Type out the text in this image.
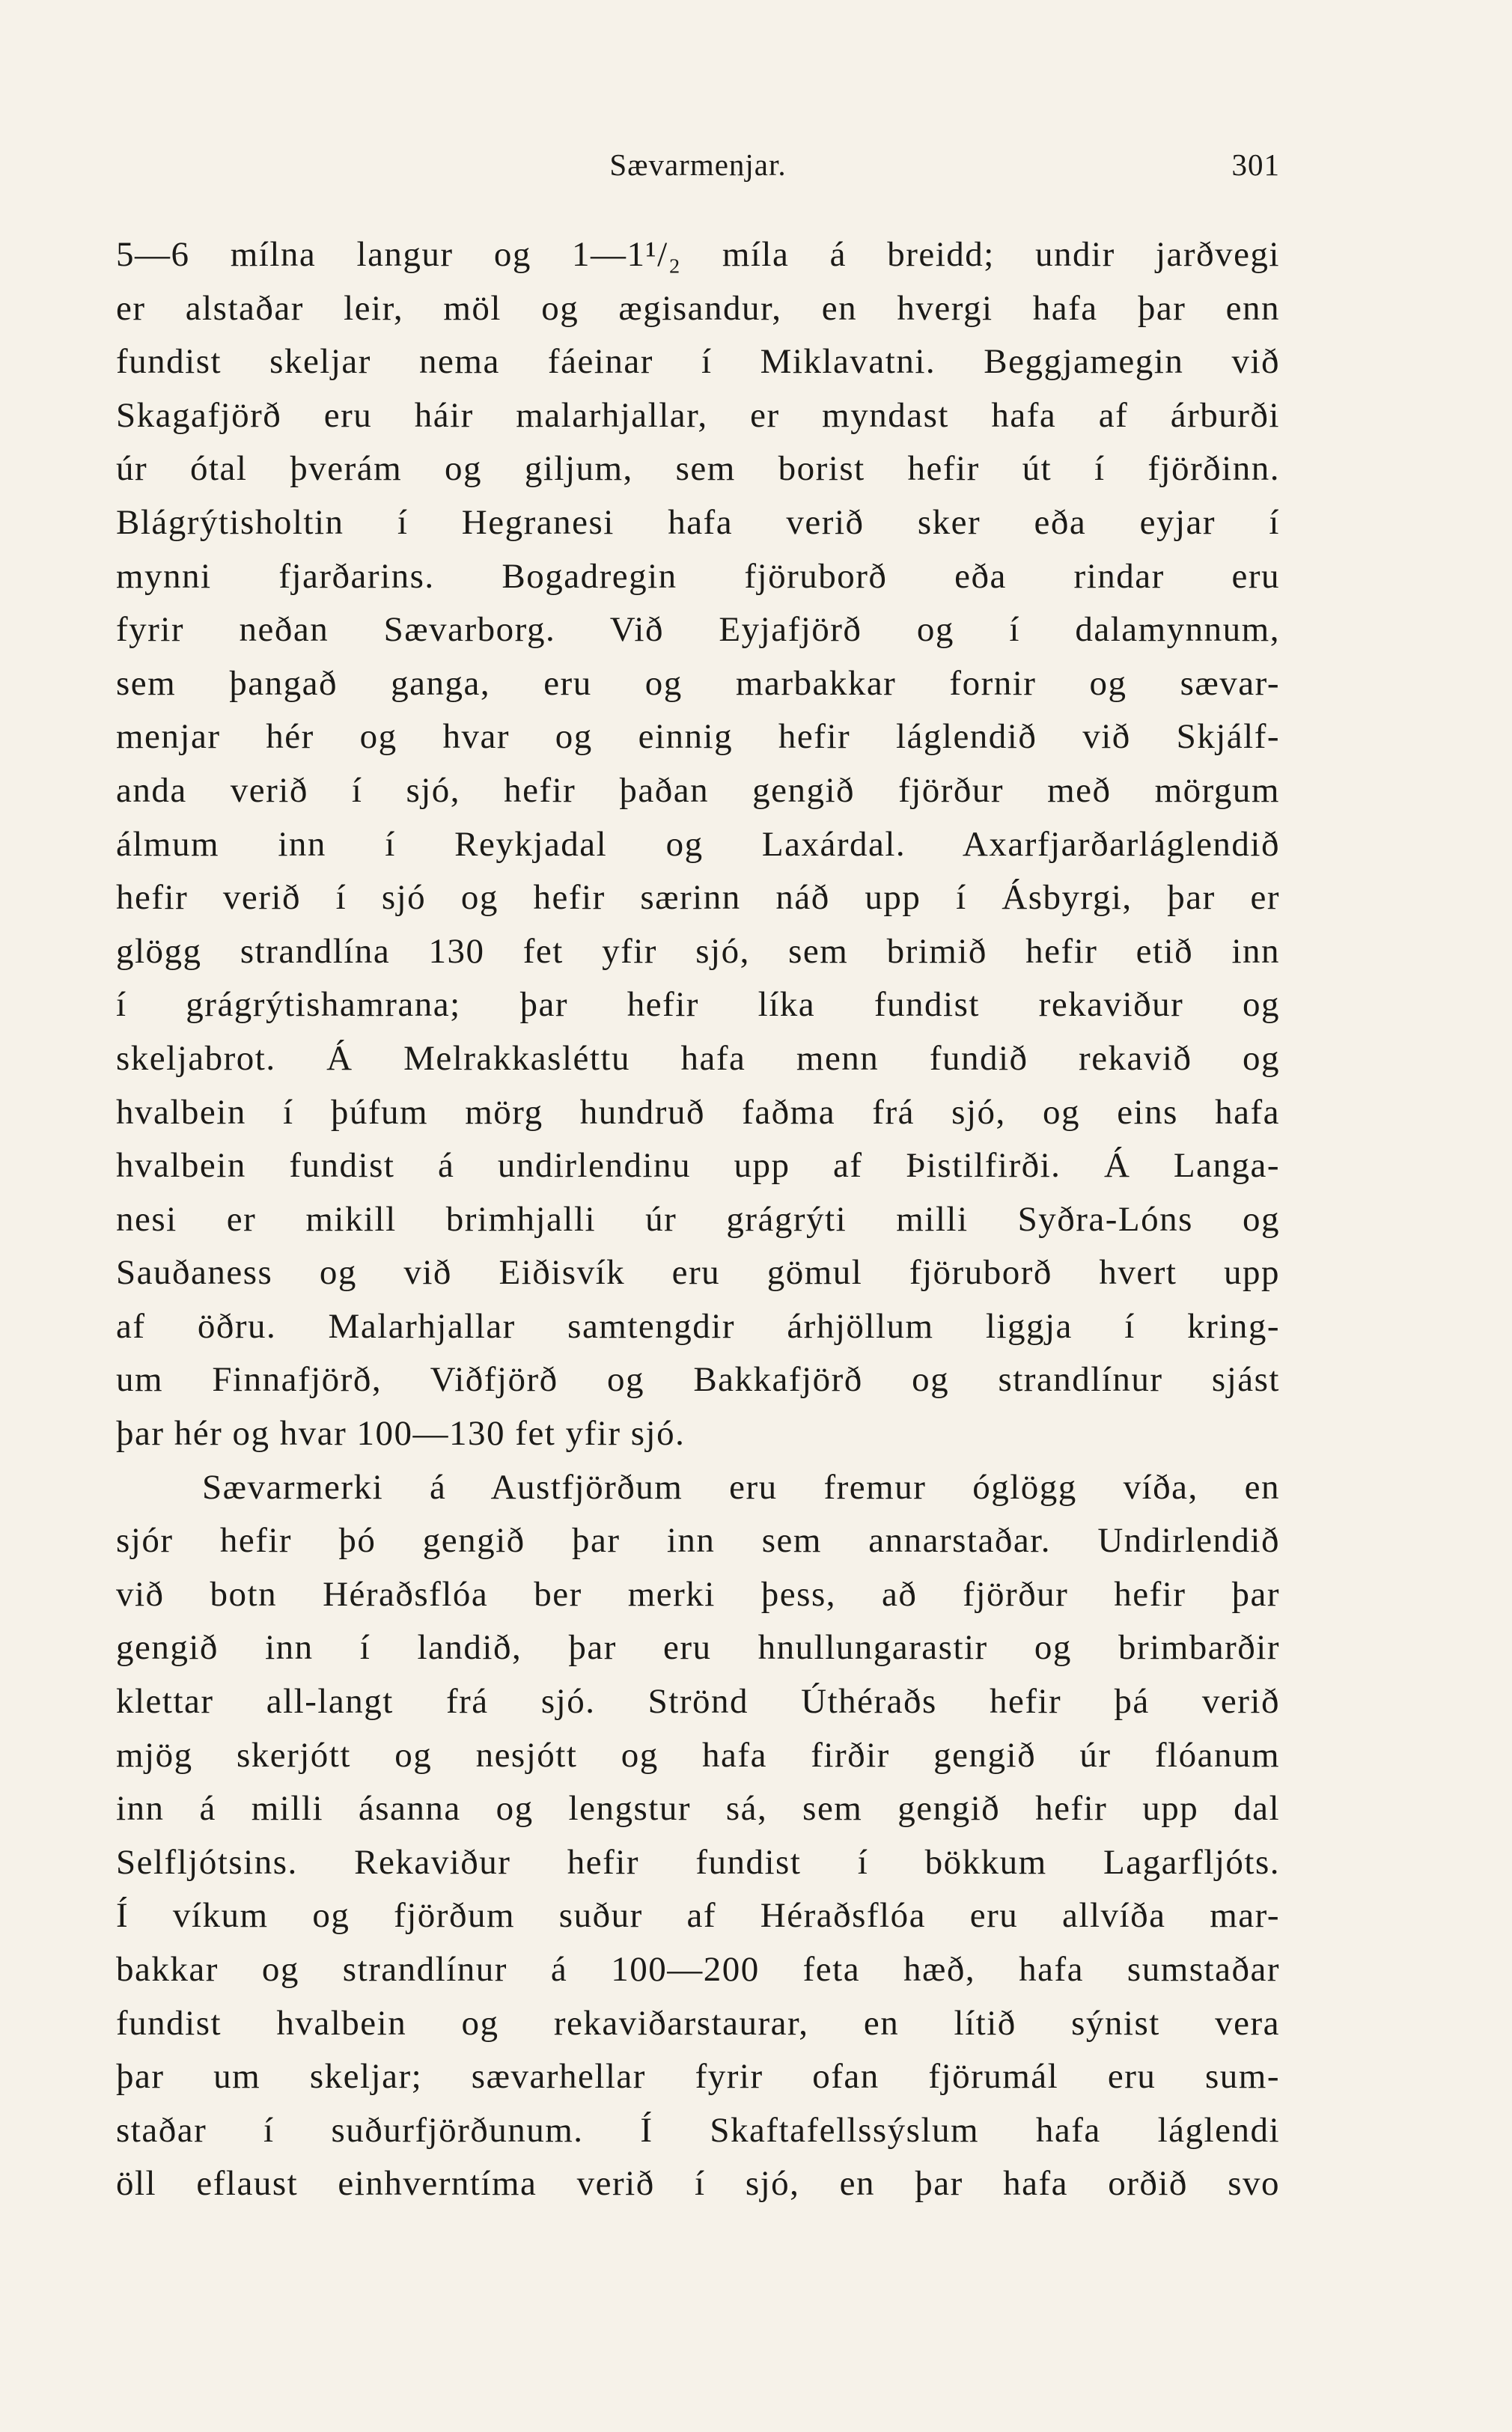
Sævarmenjar.	301
5—6 mílna langur og 1—1¹/₂ míla á breidd; undir jarðvegi
er alstaðar leir, möl og ægisandur, en hvergi hafa þar enn
fundist skeljar nema fáeinar í Miklavatni. Beggjamegin við
Skagafjörð eru háir malarhjallar, er myndast hafa af árburði
úr ótal þverám og giljum, sem borist hefir út í fjörðinn.
Blágrýtisholtin í Hegranesi hafa verið sker eða eyjar í
mynni fjarðarins. Bogadregin fjöruborð eða rindar eru
fyrir neðan Sævarborg. Við Eyjafjörð og í dalamynnum,
sem þangað ganga, eru og marbakkar fornir og sævar-
menjar hér og hvar og einnig hefir láglendið við Skjálf-
anda verið í sjó, hefir þaðan gengið fjörður með mörgum
álmum inn í Reykjadal og Laxárdal. Axarfjarðarláglendið
hefir verið í sjó og hefir særinn náð upp í Ásbyrgi, þar er
glögg strandlína 130 fet yfir sjó, sem brimið hefir etið inn
í grágrýtishamrana; þar hefir líka fundist rekaviður og
skeljabrot. Á Melrakkasléttu hafa menn fundið rekavið og
hvalbein í þúfum mörg hundruð faðma frá sjó, og eins hafa
hvalbein fundist á undirlendinu upp af Þistilfirði. Á Langa-
nesi er mikill brimhjalli úr grágrýti milli Syðra-Lóns og
Sauðaness og við Eiðisvík eru gömul fjöruborð hvert upp
af öðru. Malarhjallar samtengdir árhjöllum liggja í kring-
um Finnafjörð, Viðfjörð og Bakkafjörð og strandlínur sjást
þar hér og hvar 100—130 fet yfir sjó.
Sævarmerki á Austfjörðum eru fremur óglögg víða, en
sjór hefir þó gengið þar inn sem annarstaðar. Undirlendið
við botn Héraðsflóa ber merki þess, að fjörður hefir þar
gengið inn í landið, þar eru hnullungarastir og brimbarðir
klettar all-langt frá sjó. Strönd Úthéraðs hefir þá verið
mjög skerjótt og nesjótt og hafa firðir gengið úr flóanum
inn á milli ásanna og lengstur sá, sem gengið hefir upp dal
Selfljótsins. Rekaviður hefir fundist í bökkum Lagarfljóts.
Í víkum og fjörðum suður af Héraðsflóa eru allvíða mar-
bakkar og strandlínur á 100—200 feta hæð, hafa sumstaðar
fundist hvalbein og rekaviðarstaurar, en lítið sýnist vera
þar um skeljar; sævarhellar fyrir ofan fjörumál eru sum-
staðar í suðurfjörðunum. Í Skaftafellssýslum hafa láglendi
öll eflaust einhverntíma verið í sjó, en þar hafa orðið svo
